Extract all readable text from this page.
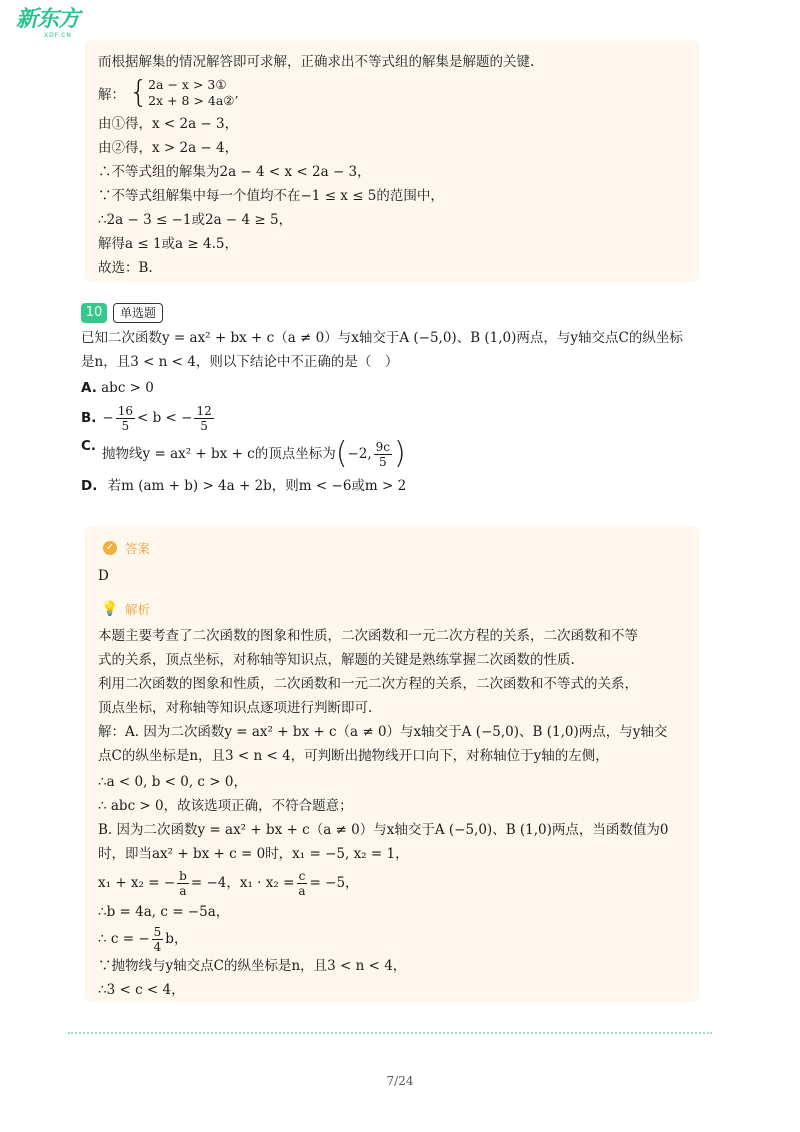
新东方
XDF.CN
而根据解集的情况解答即可求解，正确求出不等式组的解集是解题的关键.
解： { 2a − x > 3①
2x + 8 > 4a②’
由①得，x < 2a − 3，
由②得，x > 2a − 4，
∴不等式组的解集为2a − 4 < x < 2a − 3，
∵不等式组解集中每一个值均不在−1 ≤ x ≤ 5的范围中，
∴2a − 3 ≤ −1或2a − 4 ≥ 5，
解得a ≤ 1或a ≥ 4.5，
故选：B.
10	单选题
已知二次函数y = ax² + bx + c（a ≠ 0）与x轴交于A (−5,0)、B (1,0)两点，与y轴交点C的纵坐标
是n，且3 < n < 4，则以下结论中不正确的是（　）
A. abc > 0
B. − $\frac{16}{5} < b$ < − $\frac{12}{5}$
C. 抛物线y = ax² + bx + c的顶点坐标为 ( −2, $\frac{9c}{5}$ )
D. 若m (am + b) > 4a + 2b，则m < −6或m > 2
✓ 答案
D
💡 解析
本题主要考查了二次函数的图象和性质，二次函数和一元二次方程的关系，二次函数和不等
式的关系，顶点坐标，对称轴等知识点，解题的关键是熟练掌握二次函数的性质.
利用二次函数的图象和性质，二次函数和一元二次方程的关系，二次函数和不等式的关系，
顶点坐标，对称轴等知识点逐项进行判断即可.
解：A. 因为二次函数y = ax² + bx + c（a ≠ 0）与x轴交于A (−5,0)、B (1,0)两点，与y轴交
点C的纵坐标是n，且3 < n < 4，可判断出抛物线开口向下，对称轴位于y轴的左侧，
∴a < 0, b < 0, c > 0，
∴ abc > 0，故该选项正确，不符合题意；
B. 因为二次函数y = ax² + bx + c（a ≠ 0）与x轴交于A (−5,0)、B (1,0)两点，当函数值为0
时，即当ax² + bx + c = 0时，x₁ = −5, x₂ = 1，
x₁ + x₂ = − $\frac{b}{a} = -4$，$x_1 \cdot x_2 = \frac{c}{a} = -5$，
∴b = 4a, c = −5a，
∴ c = − $\frac{5}{4}$ b，
∵抛物线与y轴交点C的纵坐标是n，且3 < n < 4，
∴3 < c < 4，
7/24
